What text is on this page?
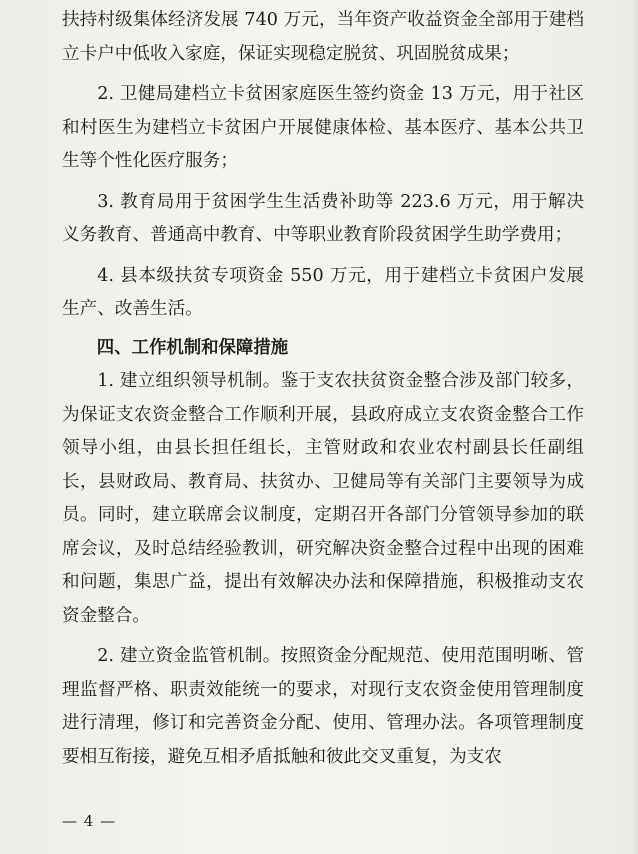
扶持村级集体经济发展 740 万元，当年资产收益资金全部用于建档立卡户中低收入家庭，保证实现稳定脱贫、巩固脱贫成果；

2. 卫健局建档立卡贫困家庭医生签约资金 13 万元，用于社区和村医生为建档立卡贫困户开展健康体检、基本医疗、基本公共卫生等个性化医疗服务；

3. 教育局用于贫困学生生活费补助等 223.6 万元，用于解决义务教育、普通高中教育、中等职业教育阶段贫困学生助学费用；

4. 县本级扶贫专项资金 550 万元，用于建档立卡贫困户发展生产、改善生活。

四、工作机制和保障措施

1. 建立组织领导机制。鉴于支农扶贫资金整合涉及部门较多，为保证支农资金整合工作顺利开展，县政府成立支农资金整合工作领导小组，由县长担任组长，主管财政和农业农村副县长任副组长，县财政局、教育局、扶贫办、卫健局等有关部门主要领导为成员。同时，建立联席会议制度，定期召开各部门分管领导参加的联席会议，及时总结经验教训，研究解决资金整合过程中出现的困难和问题，集思广益，提出有效解决办法和保障措施，积极推动支农资金整合。

2. 建立资金监管机制。按照资金分配规范、使用范围明晰、管理监督严格、职责效能统一的要求，对现行支农资金使用管理制度进行清理，修订和完善资金分配、使用、管理办法。各项管理制度要相互衔接，避免互相矛盾抵触和彼此交叉重复，为支农

— 4 —
